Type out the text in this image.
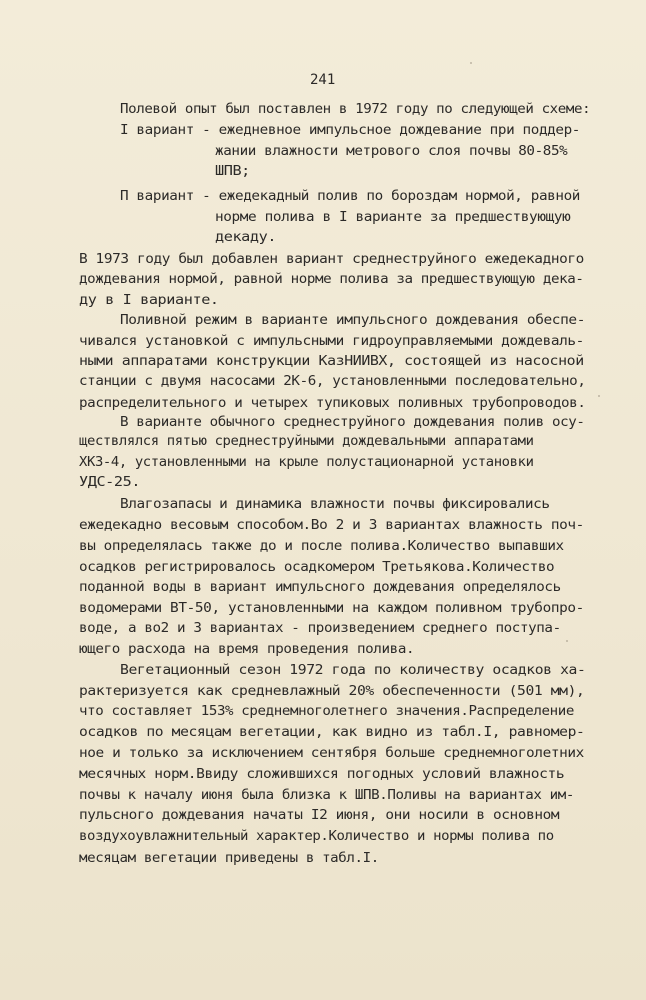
241
Полевой опыт был поставлен в 1972 году по следующей схеме:
I вариант - ежедневное импульсное дождевание при поддер-
жании влажности метрового слоя почвы 80-85%
ШПВ;
П вариант - ежедекадный полив по бороздам нормой, равной
норме полива в I варианте за предшествующую
декаду.
В 1973 году был добавлен вариант среднеструйного ежедекадного
дождевания нормой, равной норме полива за предшествующую дека-
ду в I варианте.
Поливной режим в варианте импульсного дождевания обеспе-
чивался установкой с импульсными гидроуправляемыми дождеваль-
ными аппаратами конструкции КазНИИВХ, состоящей из насосной
станции с двумя насосами 2К-6, установленными последовательно,
распределительного и четырех тупиковых поливных трубопроводов.
В варианте обычного среднеструйного дождевания полив осу-
ществлялся пятью среднеструйными дождевальными аппаратами
ХКЗ-4, установленными на крыле полустационарной установки
УДС-25.
Влагозапасы и динамика влажности почвы фиксировались
ежедекадно весовым способом.Во 2 и 3 вариантах влажность поч-
вы определялась также до и после полива.Количество выпавших
осадков регистрировалось осадкомером Третьякова.Количество
поданной воды в вариант импульсного дождевания определялось
водомерами ВТ-50, установленными на каждом поливном трубопро-
воде, а во2 и 3 вариантах - произведением среднего поступа-
ющего расхода на время проведения полива.
Вегетационный сезон 1972 года по количеству осадков ха-
рактеризуется как средневлажный 20% обеспеченности (501 мм),
что составляет 153% среднемноголетнего значения.Распределение
осадков по месяцам вегетации, как видно из табл.I, равномер-
ное и только за исключением сентября больше среднемноголетних
месячных норм.Ввиду сложившихся погодных условий влажность
почвы к началу июня была близка к ШПВ.Поливы на вариантах им-
пульсного дождевания начаты I2 июня, они носили в основном
воздухоувлажнительный характер.Количество и нормы полива по
месяцам вегетации приведены в табл.I.
